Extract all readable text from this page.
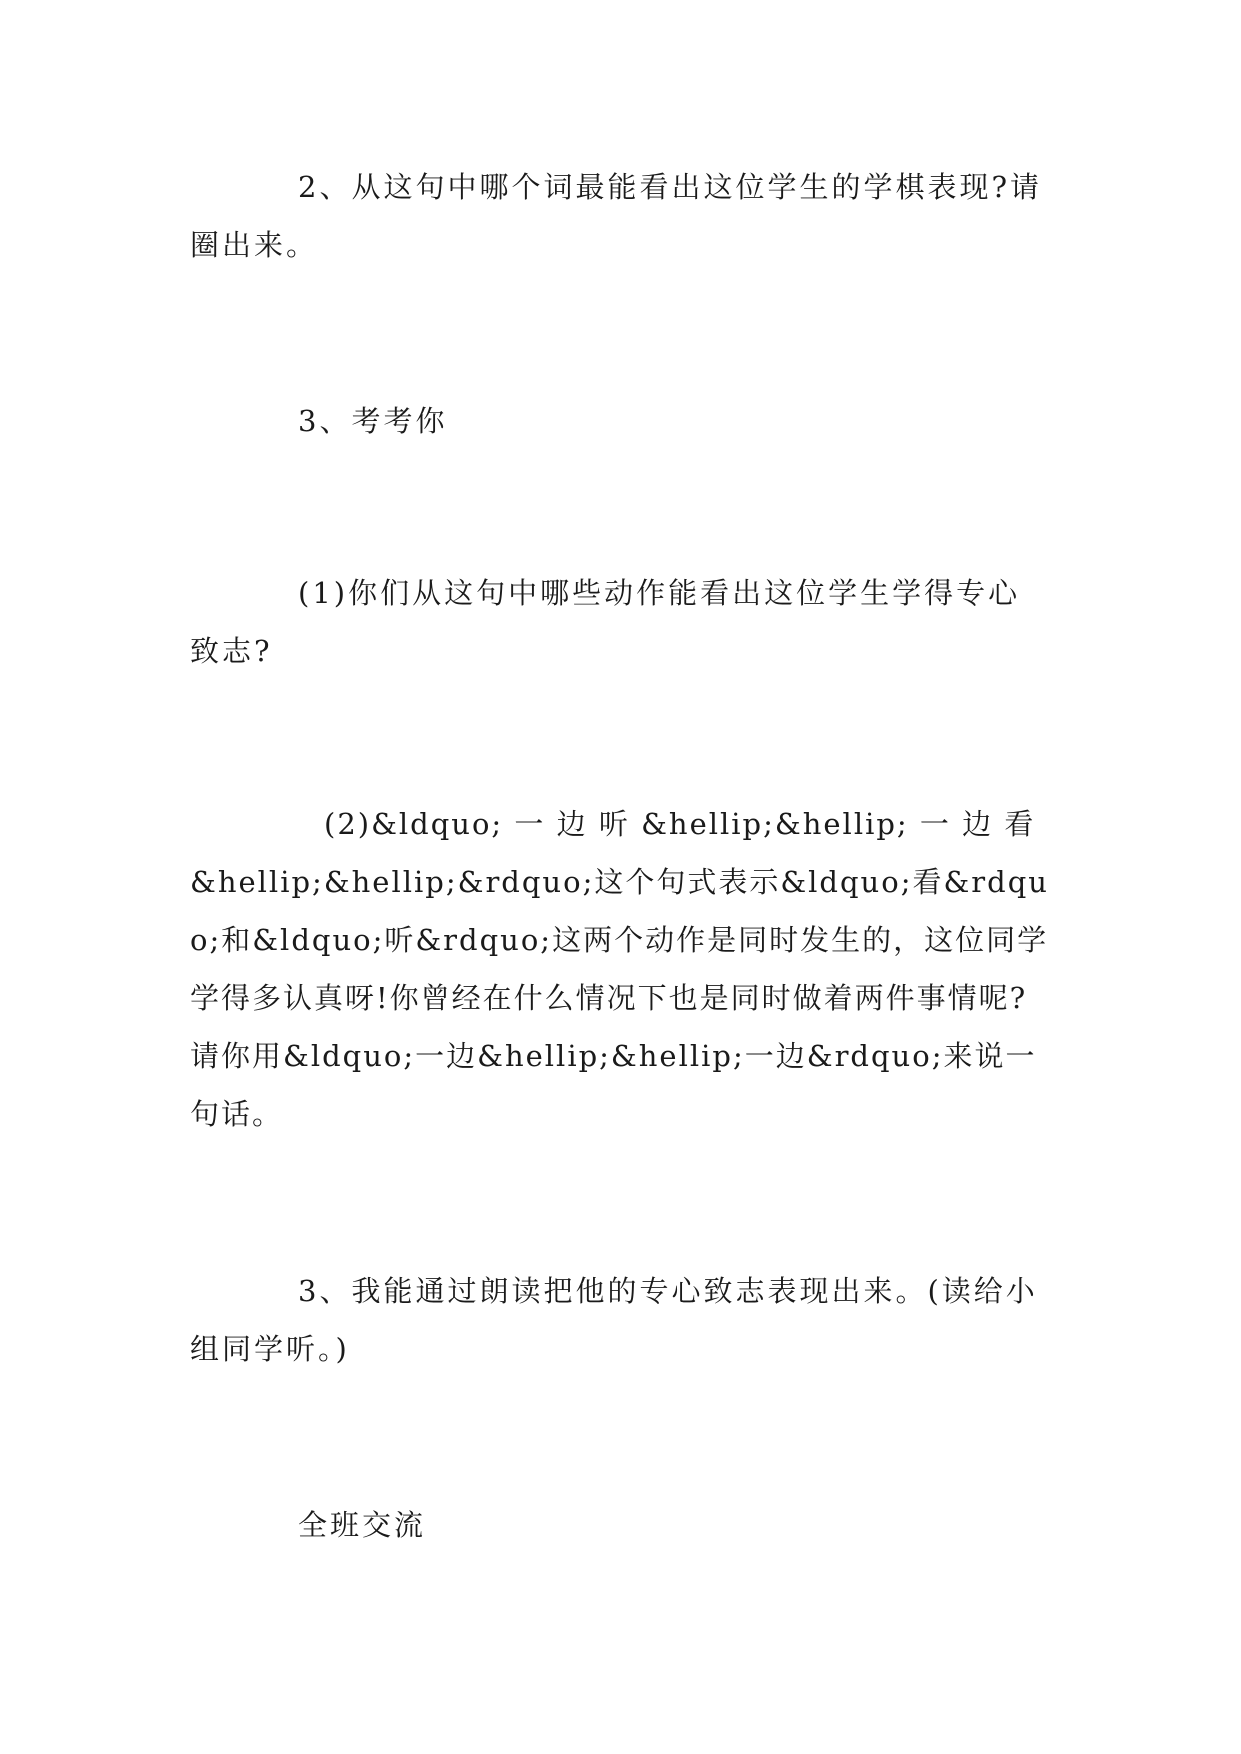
2、从这句中哪个词最能看出这位学生的学棋表现?请圈出来。

3、考考你

(1)你们从这句中哪些动作能看出这位学生学得专心致志?

(2)&ldquo; 一 边 听 &hellip;&hellip; 一 边 看 &hellip;&hellip;&rdquo;这个句式表示&ldquo;看&rdquo;和&ldquo;听&rdquo;这两个动作是同时发生的，这位同学学得多认真呀!你曾经在什么情况下也是同时做着两件事情呢?请你用&ldquo;一边&hellip;&hellip;一边&rdquo;来说一句话。

3、我能通过朗读把他的专心致志表现出来。(读给小组同学听。)

全班交流
